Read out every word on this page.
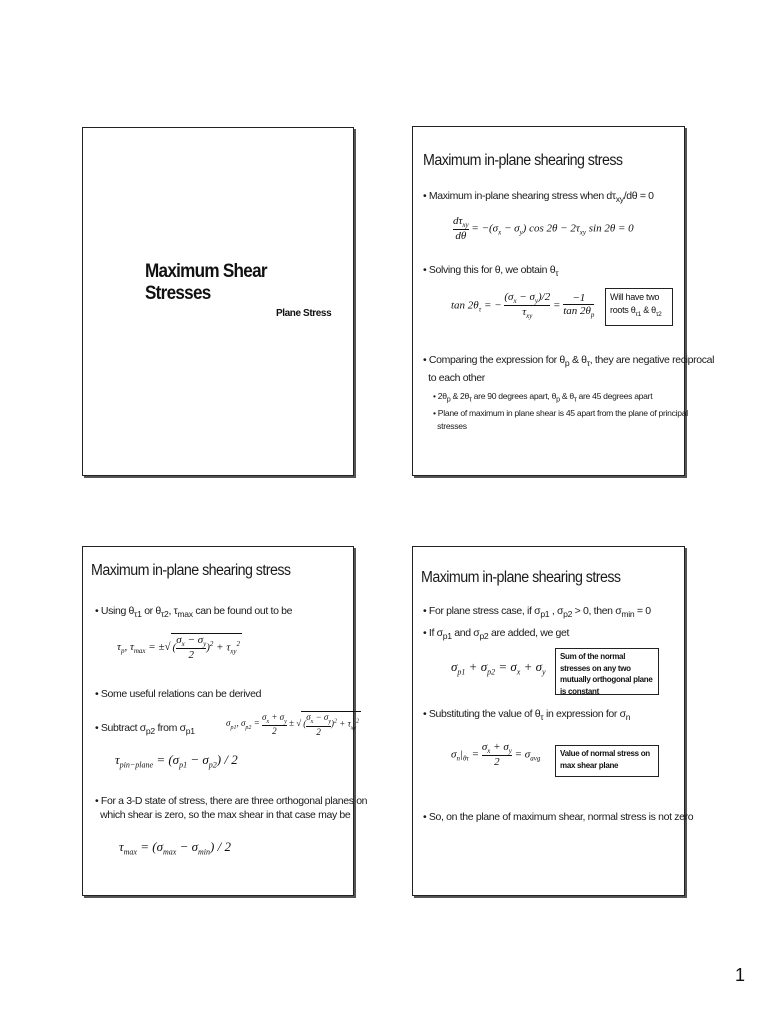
Maximum Shear Stresses
Plane Stress
Maximum in-plane shearing stress
• Maximum in-plane shearing stress when $d\tau_{xy}/d\theta = 0$
$\frac{d\tau_{xy}}{d\theta} = -(\sigma_x - \sigma_y)$ $\cos 2\theta - 2\tau_{xy}$ sin 2θ = 0
• Solving this for θ, we obtain $\theta_\tau$
$\tan 2\theta_\tau$ = − $\frac{(\sigma_x - \sigma_y)/2}{\tau_{xy}} = \frac{-1}{\tan 2\theta_p}$	Will have two roots $\theta_{\tau 1}$ & $\theta_{\tau 2}$
• Comparing the expression for $\theta_p$ & $\theta_\tau$, they are negative reciprocal
to each other
• $2\theta_p$ & $2\theta_\tau$ are 90 degrees apart, $\theta_p$ & $\theta_\tau$ are 45 degrees apart
• Plane of maximum in plane shear is 45 apart from the plane of principal
stresses
Maximum in-plane shearing stress
• Using $\theta_{\tau 1}$ or $\theta_{\tau 2}$, $\tau_{max}$ can be found out to be
$\tau_p$, $\tau_{max}$ = ±√ ( $\frac{\sigma_x - \sigma_y}{2} )^2 + \tau_{xy}^2$
• Some useful relations can be derived
• Subtract $\sigma_{p2}$ from $\sigma_{p1}$
$\sigma_{p1}$, $\sigma_{p2} = \frac{\sigma_x + \sigma_y}{2}$ ± √ ( $\frac{\sigma_x - \sigma_y}{2} )^2 + \tau_{xy}^2$
$\tau_{pin-plane} = (\sigma_{p1} - \sigma_{p2}) / 2$
• For a 3-D state of stress, there are three orthogonal planes on
which shear is zero, so the max shear in that case may be
$\tau_{max} = (\sigma_{max} - \sigma_{min}) / 2$
Maximum in-plane shearing stress
• For plane stress case, if $\sigma_{p1}$ , $\sigma_{p2} > 0$, then $\sigma_{min} = 0$
• If $\sigma_{p1}$ and $\sigma_{p2}$ are added, we get
$\sigma_{p1} + \sigma_{p2} = \sigma_x + \sigma_y$
Sum of the normal stresses on any two mutually orthogonal plane is constant
• Substituting the value of $\theta_\tau$ in expression for $\sigma_n$
$\sigma_n|_{\theta\tau} = \frac{\sigma_x + \sigma_y}{2} = \sigma_{avg}$
Value of normal stress on max shear plane
• So, on the plane of maximum shear, normal stress is not zero
1
